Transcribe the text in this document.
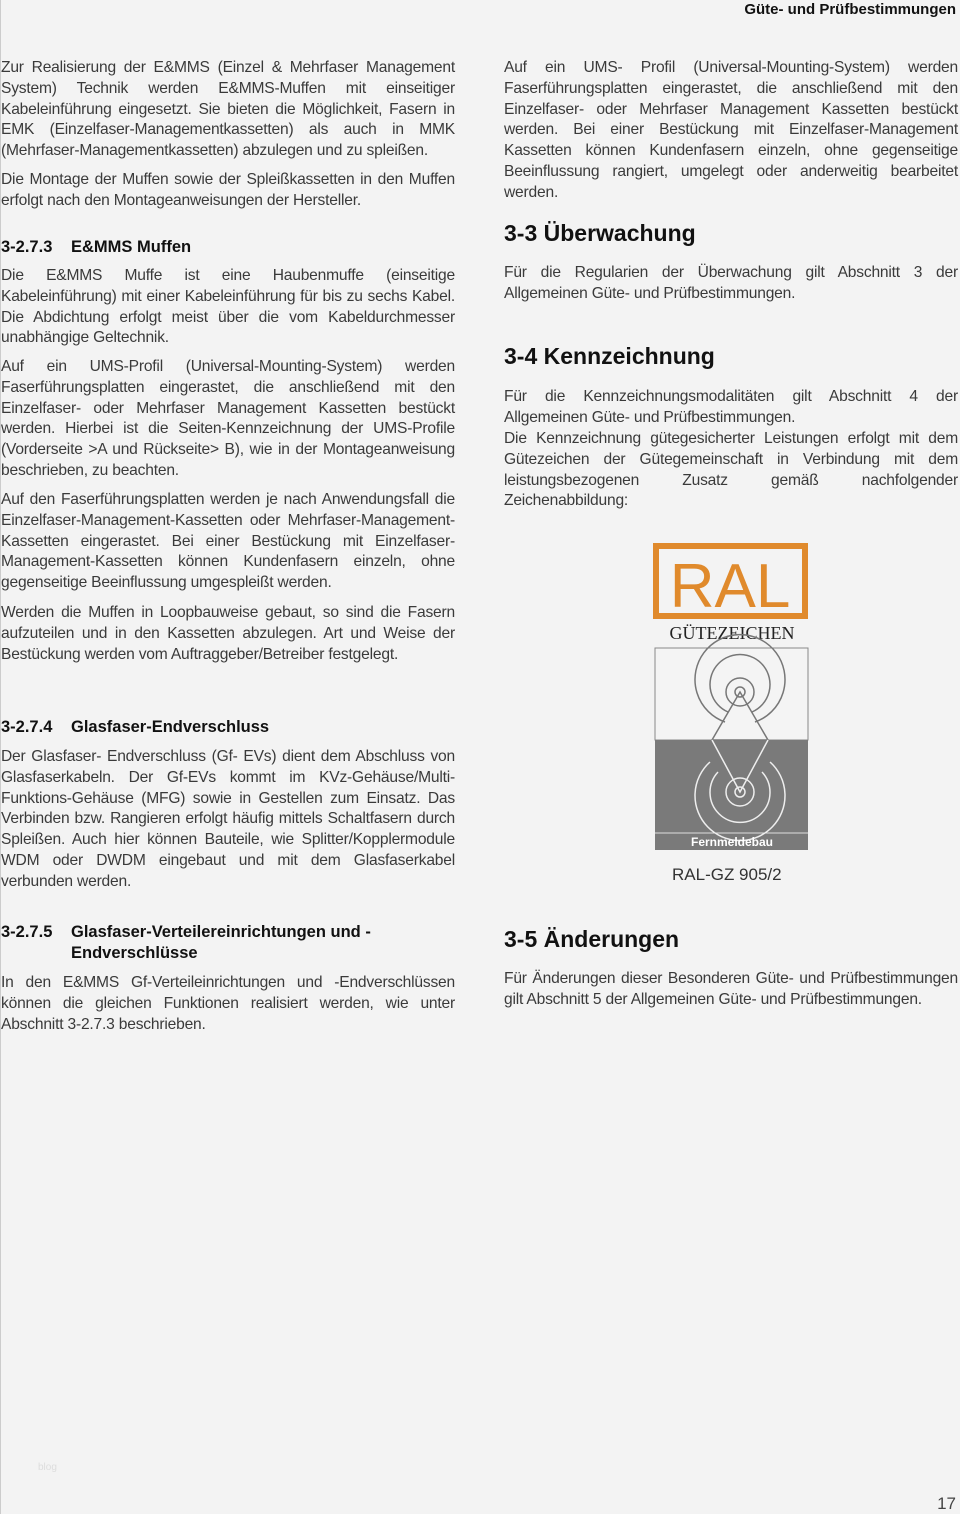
Güte- und Prüfbestimmungen
Zur Realisierung der E&MMS (Einzel & Mehrfaser Management System) Technik werden E&MMS-Muffen mit einseitiger Kabeleinführung eingesetzt. Sie bieten die Möglichkeit, Fasern in EMK (Einzelfaser-Managementkassetten) als auch in MMK (Mehrfaser-Managementkassetten) abzulegen und zu spleißen.
Die Montage der Muffen sowie der Spleißkassetten in den Muffen erfolgt nach den Montageanweisungen der Hersteller.
3-2.7.3 E&MMS Muffen
Die E&MMS Muffe ist eine Haubenmuffe (einseitige Kabeleinführung) mit einer Kabeleinführung für bis zu sechs Kabel. Die Abdichtung erfolgt meist über die vom Kabeldurchmesser unabhängige Geltechnik.
Auf ein UMS-Profil (Universal-Mounting-System) werden Faserführungsplatten eingerastet, die anschließend mit den Einzelfaser- oder Mehrfaser Management Kassetten bestückt werden. Hierbei ist die Seiten-Kennzeichnung der UMS-Profile (Vorderseite >A und Rückseite> B), wie in der Montageanweisung beschrieben, zu beachten.
Auf den Faserführungsplatten werden je nach Anwendungsfall die Einzelfaser-Management-Kassetten oder Mehrfaser-Management-Kassetten eingerastet. Bei einer Bestückung mit Einzelfaser-Management-Kassetten können Kundenfasern einzeln, ohne gegenseitige Beeinflussung umgespleißt werden.
Werden die Muffen in Loopbauweise gebaut, so sind die Fasern aufzuteilen und in den Kassetten abzulegen. Art und Weise der Bestückung werden vom Auftraggeber/Betreiber festgelegt.
3-2.7.4 Glasfaser-Endverschluss
Der Glasfaser- Endverschluss (Gf- EVs) dient dem Abschluss von Glasfaserkabeln. Der Gf-EVs kommt im KVz-Gehäuse/Multi-Funktions-Gehäuse (MFG) sowie in Gestellen zum Einsatz. Das Verbinden bzw. Rangieren erfolgt häufig mittels Schaltfasern durch Spleißen. Auch hier können Bauteile, wie Splitter/Kopplermodule WDM oder DWDM eingebaut und mit dem Glasfaserkabel verbunden werden.
3-2.7.5	Glasfaser-Verteilereinrichtungen und -Endverschlüsse
In den E&MMS Gf-Verteileinrichtungen und -Endverschlüssen können die gleichen Funktionen realisiert werden, wie unter Abschnitt 3-2.7.3 beschrieben.
Auf ein UMS- Profil (Universal-Mounting-System) werden Faserführungsplatten eingerastet, die anschließend mit den Einzelfaser- oder Mehrfaser Management Kassetten bestückt werden. Bei einer Bestückung mit Einzelfaser-Management Kassetten können Kundenfasern einzeln, ohne gegenseitige Beeinflussung rangiert, umgelegt oder anderweitig bearbeitet werden.
3-3 Überwachung
Für die Regularien der Überwachung gilt Abschnitt 3 der Allgemeinen Güte- und Prüfbestimmungen.
3-4 Kennzeichnung
Für die Kennzeichnungsmodalitäten gilt Abschnitt 4 der Allgemeinen Güte- und Prüfbestimmungen.
Die Kennzeichnung gütegesicherter Leistungen erfolgt mit dem Gütezeichen der Gütegemeinschaft in Verbindung mit dem leistungsbezogenen Zusatz gemäß nachfolgender Zeichenabbildung:
RAL
GÜTEZEICHEN
Fernmeldebau
RAL-GZ 905/2
3-5 Änderungen
Für Änderungen dieser Besonderen Güte- und Prüfbestimmungen gilt Abschnitt 5 der Allgemeinen Güte- und Prüfbestimmungen.
blog
17
